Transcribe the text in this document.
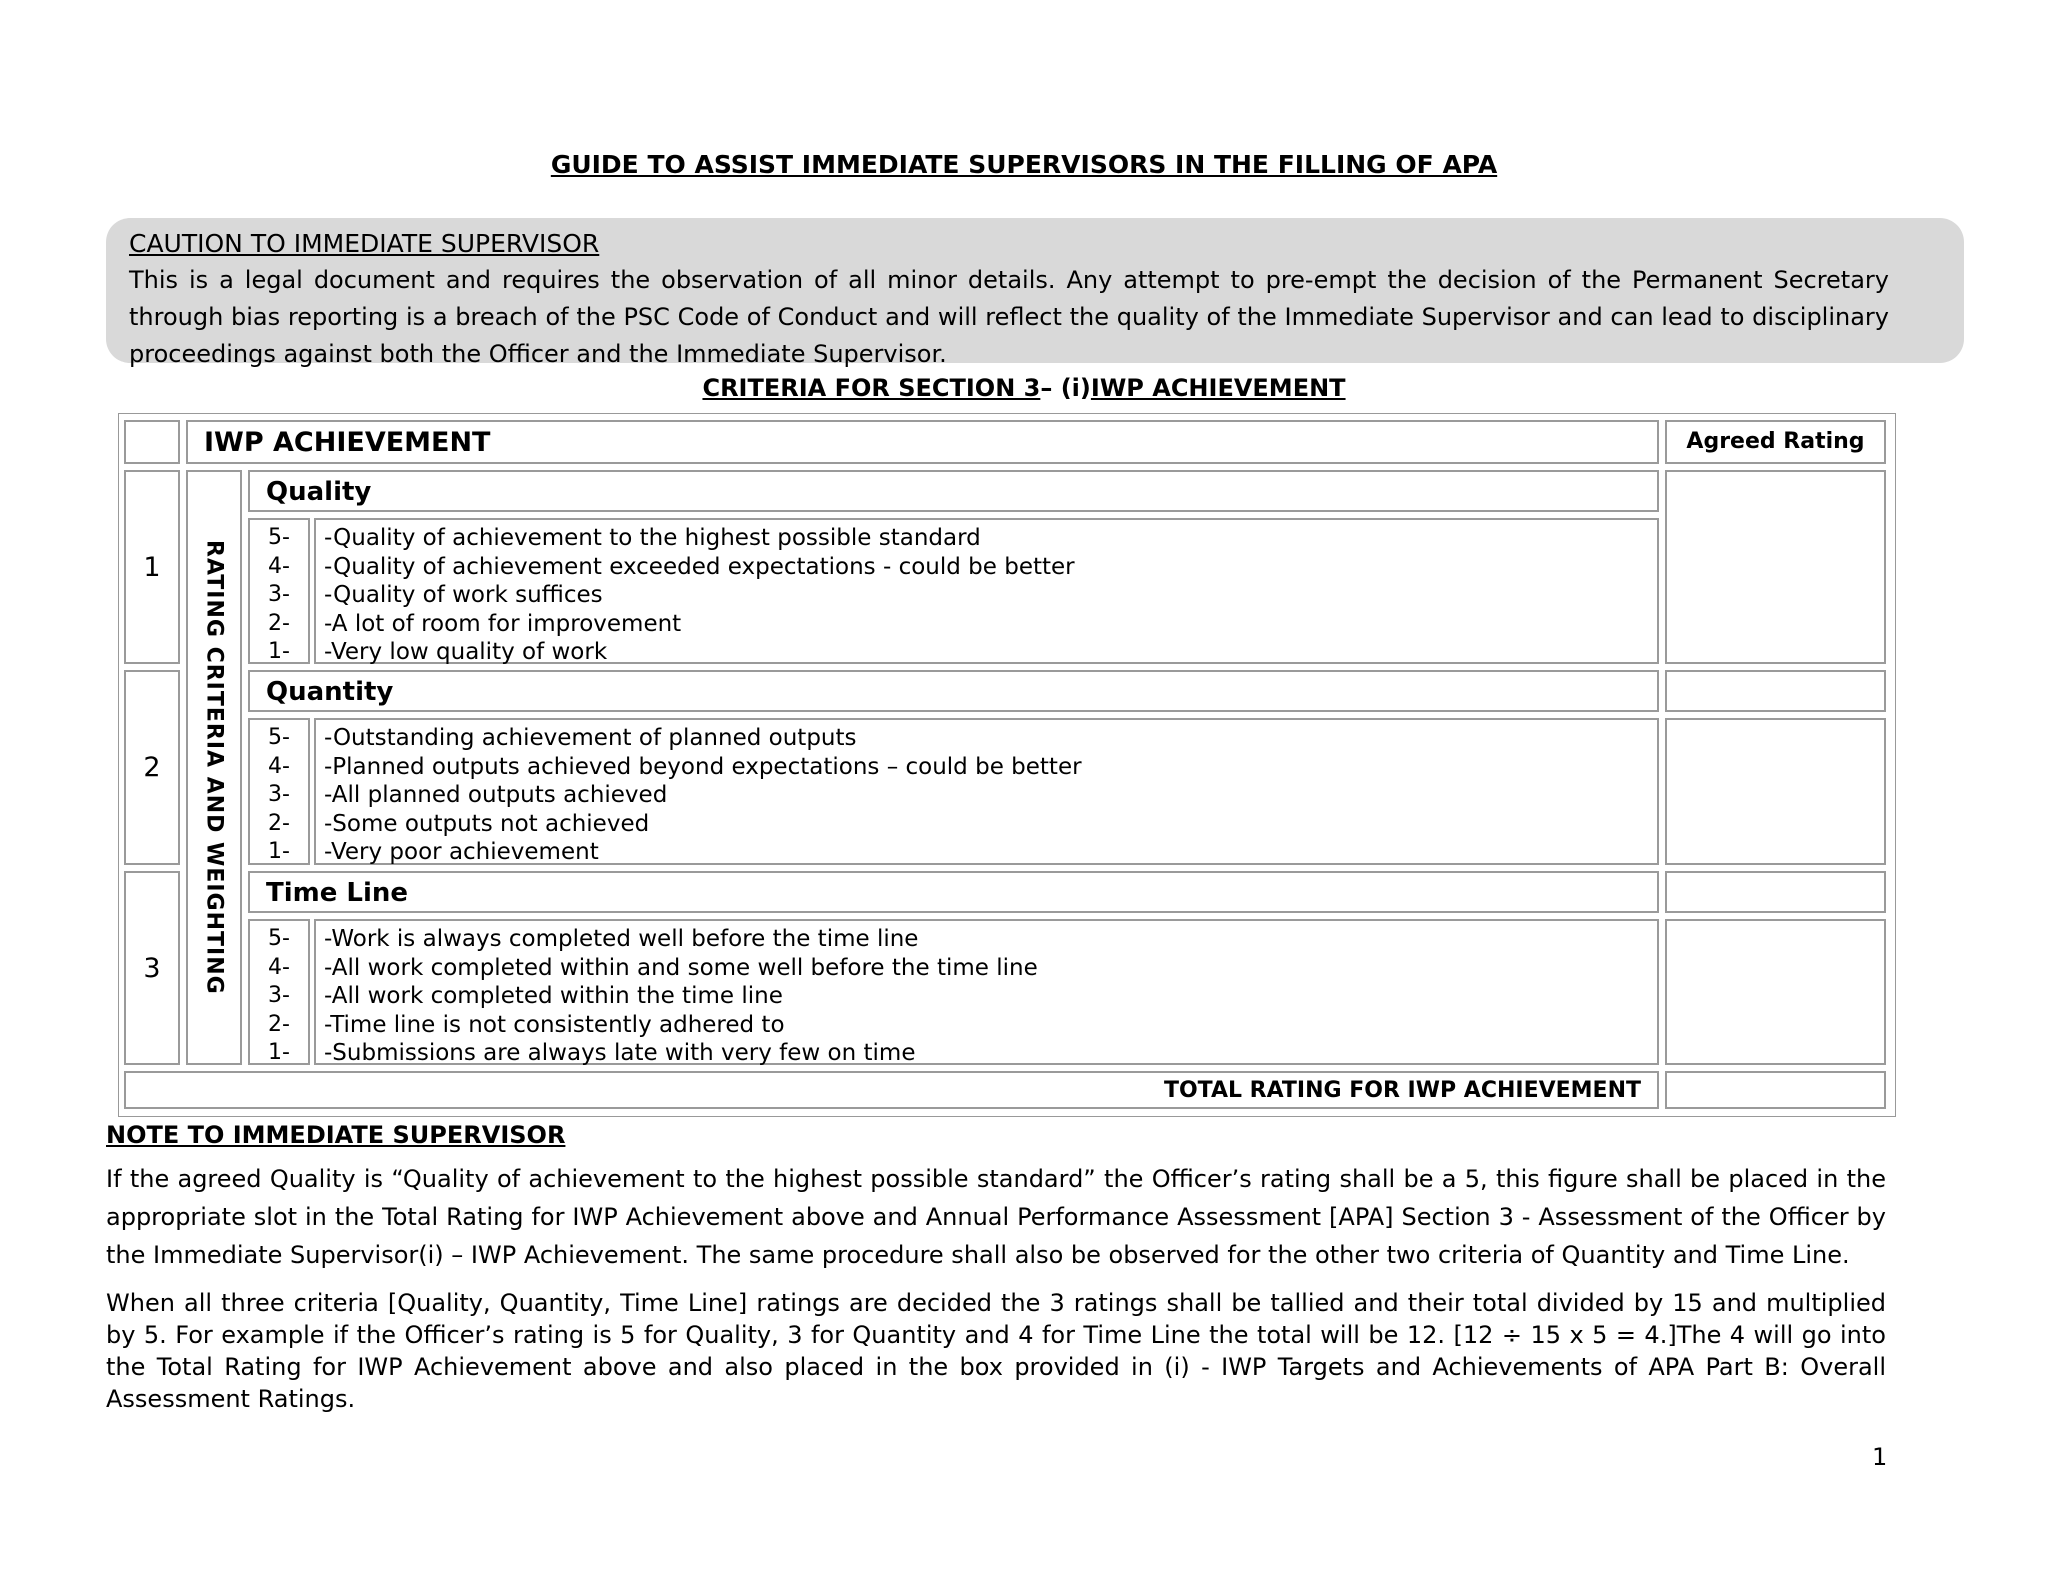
GUIDE TO ASSIST IMMEDIATE SUPERVISORS IN THE FILLING OF APA
CAUTION TO IMMEDIATE SUPERVISOR
This is a legal document and requires the observation of all minor details. Any attempt to pre-empt the decision of the Permanent Secretary through bias reporting is a breach of the PSC Code of Conduct and will reflect the quality of the Immediate Supervisor and can lead to disciplinary proceedings against both the Officer and the Immediate Supervisor.
CRITERIA FOR SECTION 3– (i)IWP ACHIEVEMENT
IWP ACHIEVEMENT	Agreed Rating
1
2
3	RATING CRITERIA AND WEIGHTING
Quality
5-
4-
3-
2-
1-
-Quality of achievement to the highest possible standard
-Quality of achievement exceeded expectations - could be better
-Quality of work suffices
-A lot of room for improvement
-Very low quality of work
Quantity
5-
4-
3-
2-
1-
-Outstanding achievement of planned outputs
-Planned outputs achieved beyond expectations – could be better
-All planned outputs achieved
-Some outputs not achieved
-Very poor achievement
Time Line
5-
4-
3-
2-
1-
-Work is always completed well before the time line
-All work completed within and some well before the time line
-All work completed within the time line
-Time line is not consistently adhered to
-Submissions are always late with very few on time
TOTAL RATING FOR IWP ACHIEVEMENT
NOTE TO IMMEDIATE SUPERVISOR
If the agreed Quality is “Quality of achievement to the highest possible standard” the Officer’s rating shall be a 5, this figure shall be placed in the appropriate slot in the Total Rating for IWP Achievement above and Annual Performance Assessment [APA] Section 3 - Assessment of the Officer by the Immediate Supervisor(i) – IWP Achievement. The same procedure shall also be observed for the other two criteria of Quantity and Time Line.
When all three criteria [Quality, Quantity, Time Line] ratings are decided the 3 ratings shall be tallied and their total divided by 15 and multiplied by 5. For example if the Officer’s rating is 5 for Quality, 3 for Quantity and 4 for Time Line the total will be 12. [12 ÷ 15 x 5 = 4.]The 4 will go into the Total Rating for IWP Achievement above and also placed in the box provided in (i) - IWP Targets and Achievements of APA Part B: Overall Assessment Ratings.
1
